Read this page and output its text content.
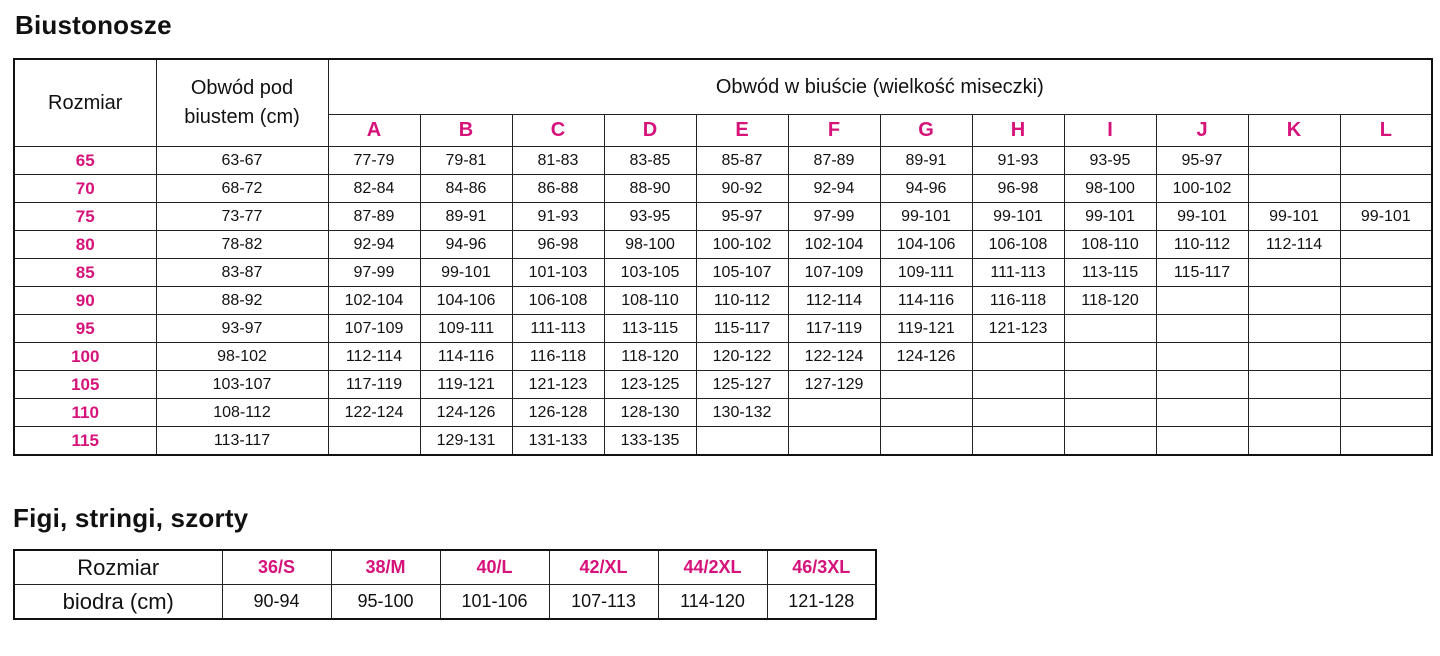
Biustonosze
Rozmiar	Obwód pod biustem (cm)	Obwód w biuście (wielkość miseczki)											
		A	B	C	D	E	F	G	H	I	J	K	L
65	63-67	77-79	79-81	81-83	83-85	85-87	87-89	89-91	91-93	93-95	95-97		
70	68-72	82-84	84-86	86-88	88-90	90-92	92-94	94-96	96-98	98-100	100-102		
75	73-77	87-89	89-91	91-93	93-95	95-97	97-99	99-101	99-101	99-101	99-101	99-101	99-101
80	78-82	92-94	94-96	96-98	98-100	100-102	102-104	104-106	106-108	108-110	110-112	112-114	
85	83-87	97-99	99-101	101-103	103-105	105-107	107-109	109-111	111-113	113-115	115-117		
90	88-92	102-104	104-106	106-108	108-110	110-112	112-114	114-116	116-118	118-120			
95	93-97	107-109	109-111	111-113	113-115	115-117	117-119	119-121	121-123				
100	98-102	112-114	114-116	116-118	118-120	120-122	122-124	124-126					
105	103-107	117-119	119-121	121-123	123-125	125-127	127-129						
110	108-112	122-124	124-126	126-128	128-130	130-132							
115	113-117		129-131	131-133	133-135								
Figi, stringi, szorty
Rozmiar	36/S	38/M	40/L	42/XL	44/2XL	46/3XL
biodra (cm)	90-94	95-100	101-106	107-113	114-120	121-128
